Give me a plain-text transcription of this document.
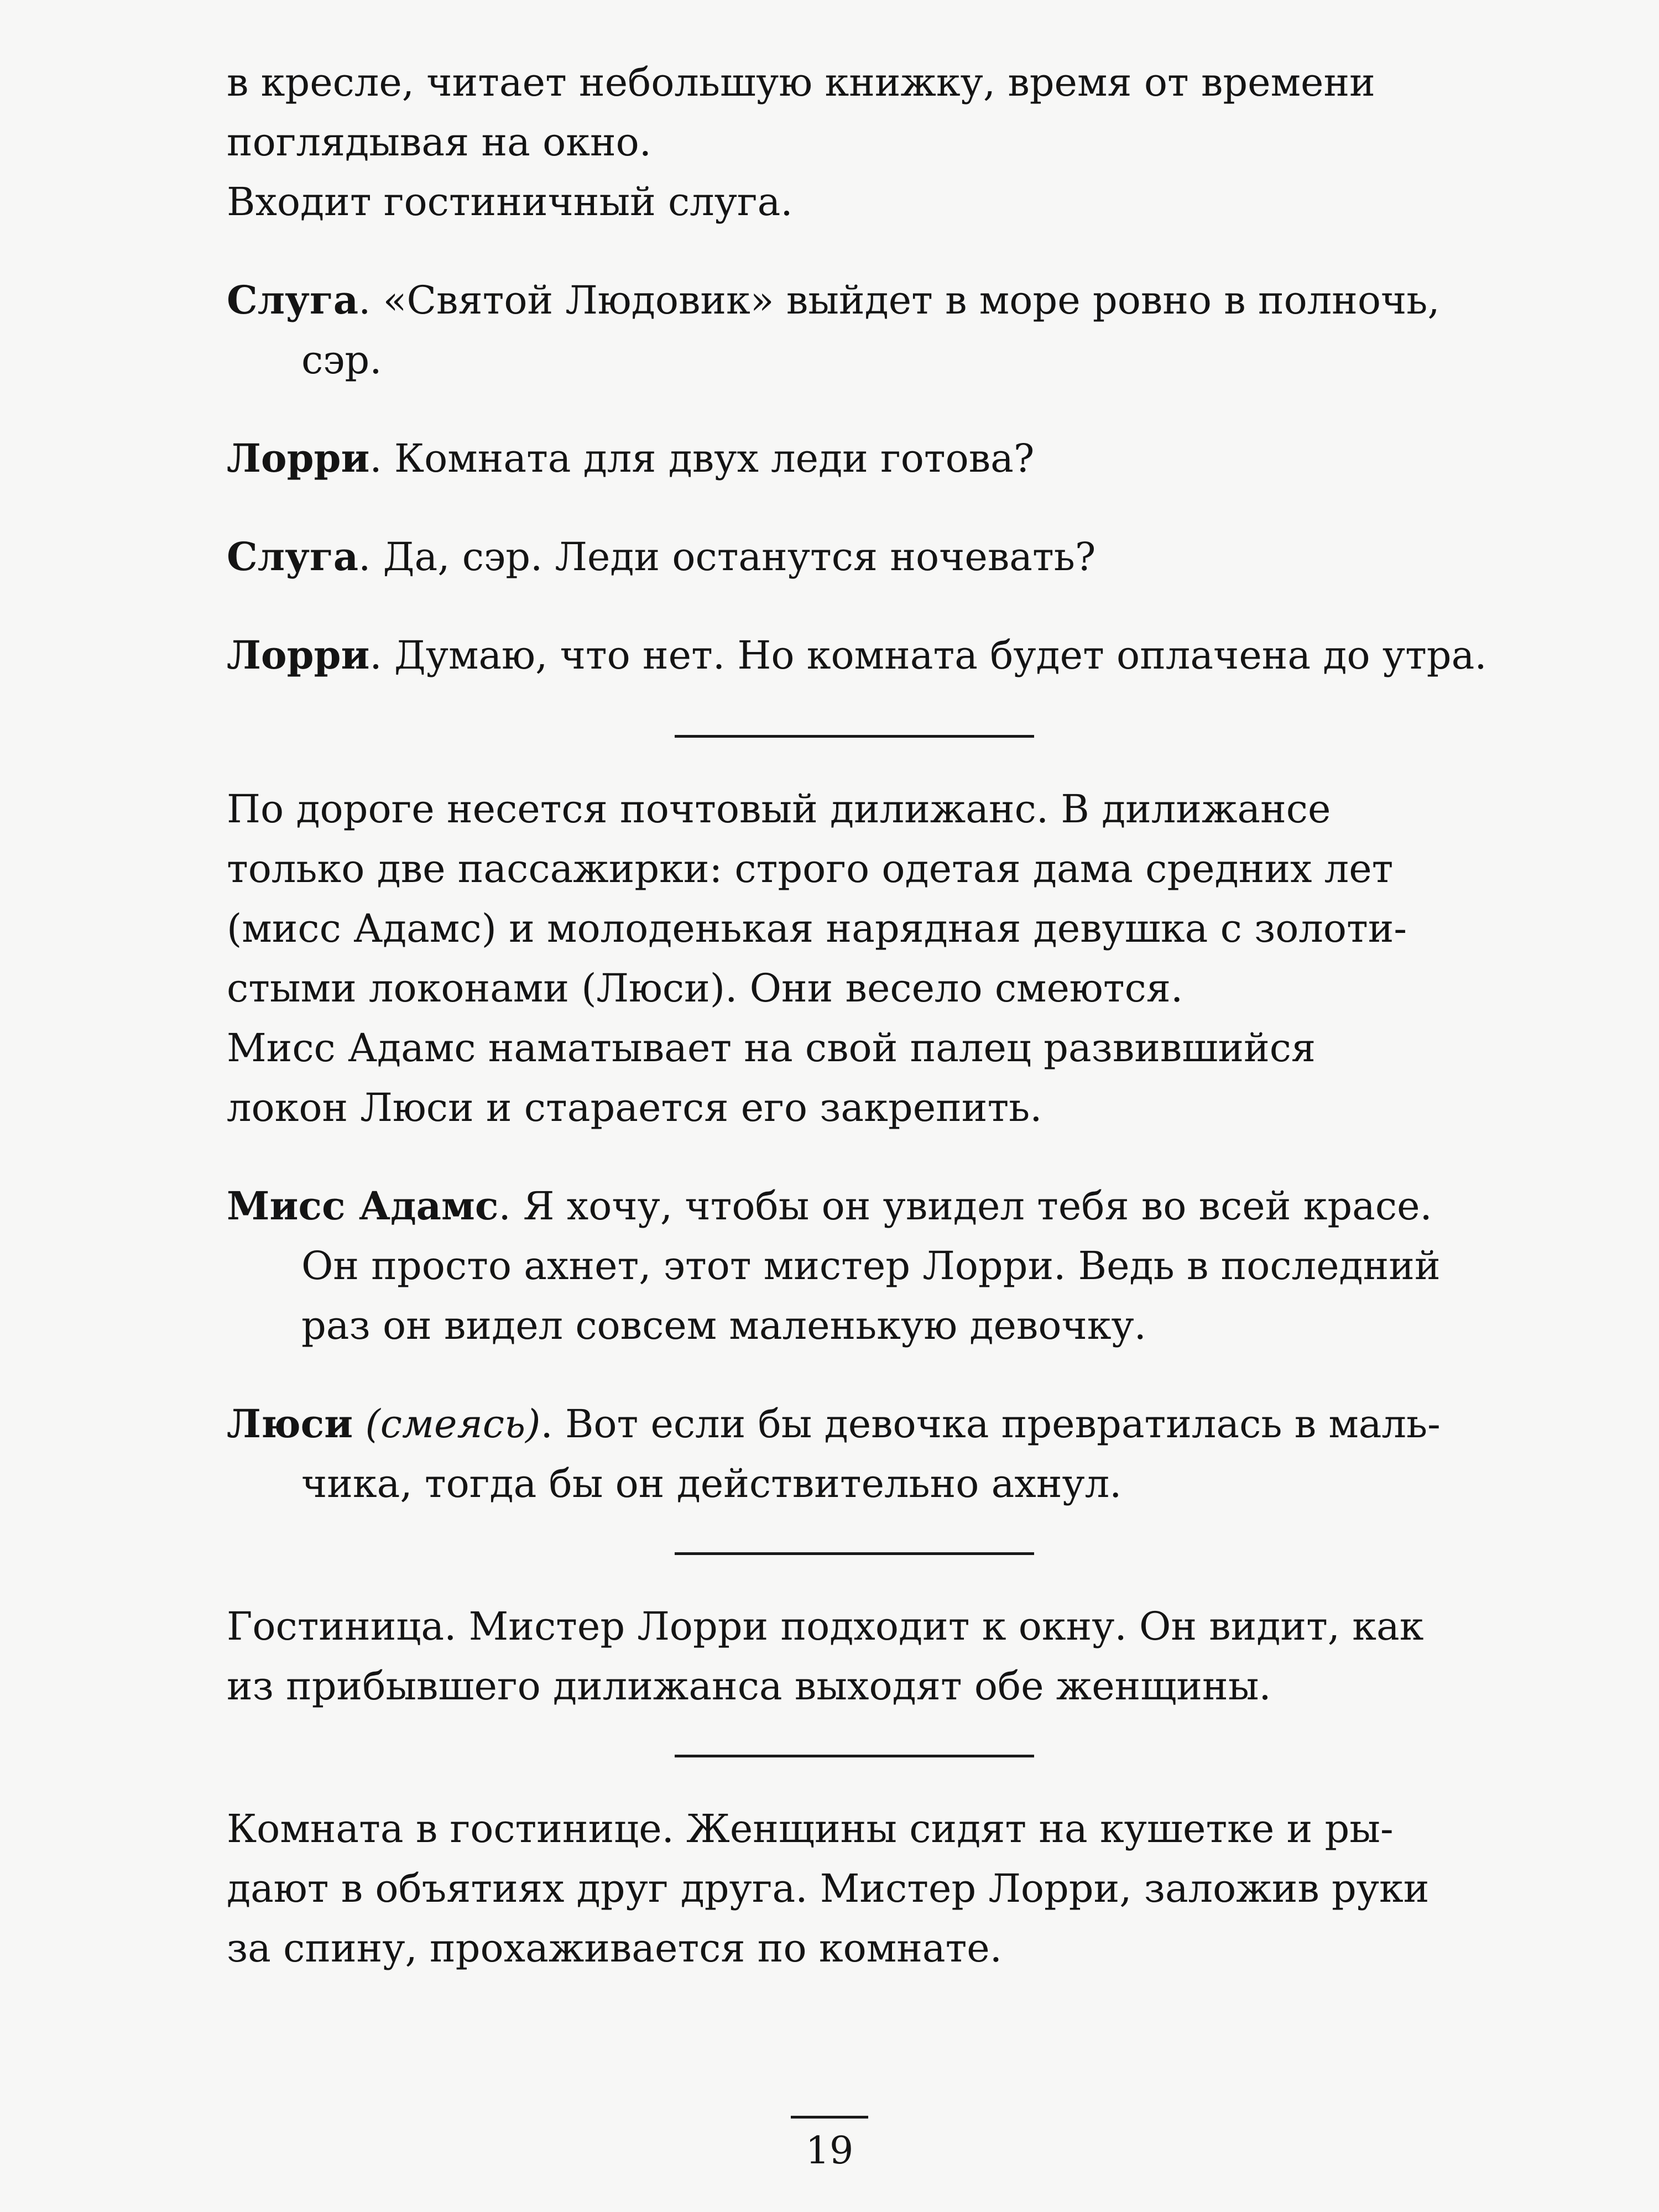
в кресле, читает небольшую книжку, время от времени
поглядывая на окно.
Входит гостиничный слуга.
Слуга. «Святой Людовик» выйдет в море ровно в полночь, сэр.
Лорри. Комната для двух леди готова?
Слуга. Да, сэр. Леди останутся ночевать?
Лорри. Думаю, что нет. Но комната будет оплачена до утра.
По дороге несется почтовый дилижанс. В дилижансе
только две пассажирки: строго одетая дама средних лет
(мисс Адамс) и молоденькая нарядная девушка с золоти-
стыми локонами (Люси). Они весело смеются.
Мисс Адамс наматывает на свой палец развившийся
локон Люси и старается его закрепить.
Мисс Адамс. Я хочу, чтобы он увидел тебя во всей красе. Он просто ахнет, этот мистер Лорри. Ведь в последний раз он видел совсем маленькую девочку.
Люси (смеясь). Вот если бы девочка превратилась в маль-чика, тогда бы он действительно ахнул.
Гостиница. Мистер Лорри подходит к окну. Он видит, как
из прибывшего дилижанса выходят обе женщины.
Комната в гостинице. Женщины сидят на кушетке и ры-
дают в объятиях друг друга. Мистер Лорри, заложив руки
за спину, прохаживается по комнате.
19
